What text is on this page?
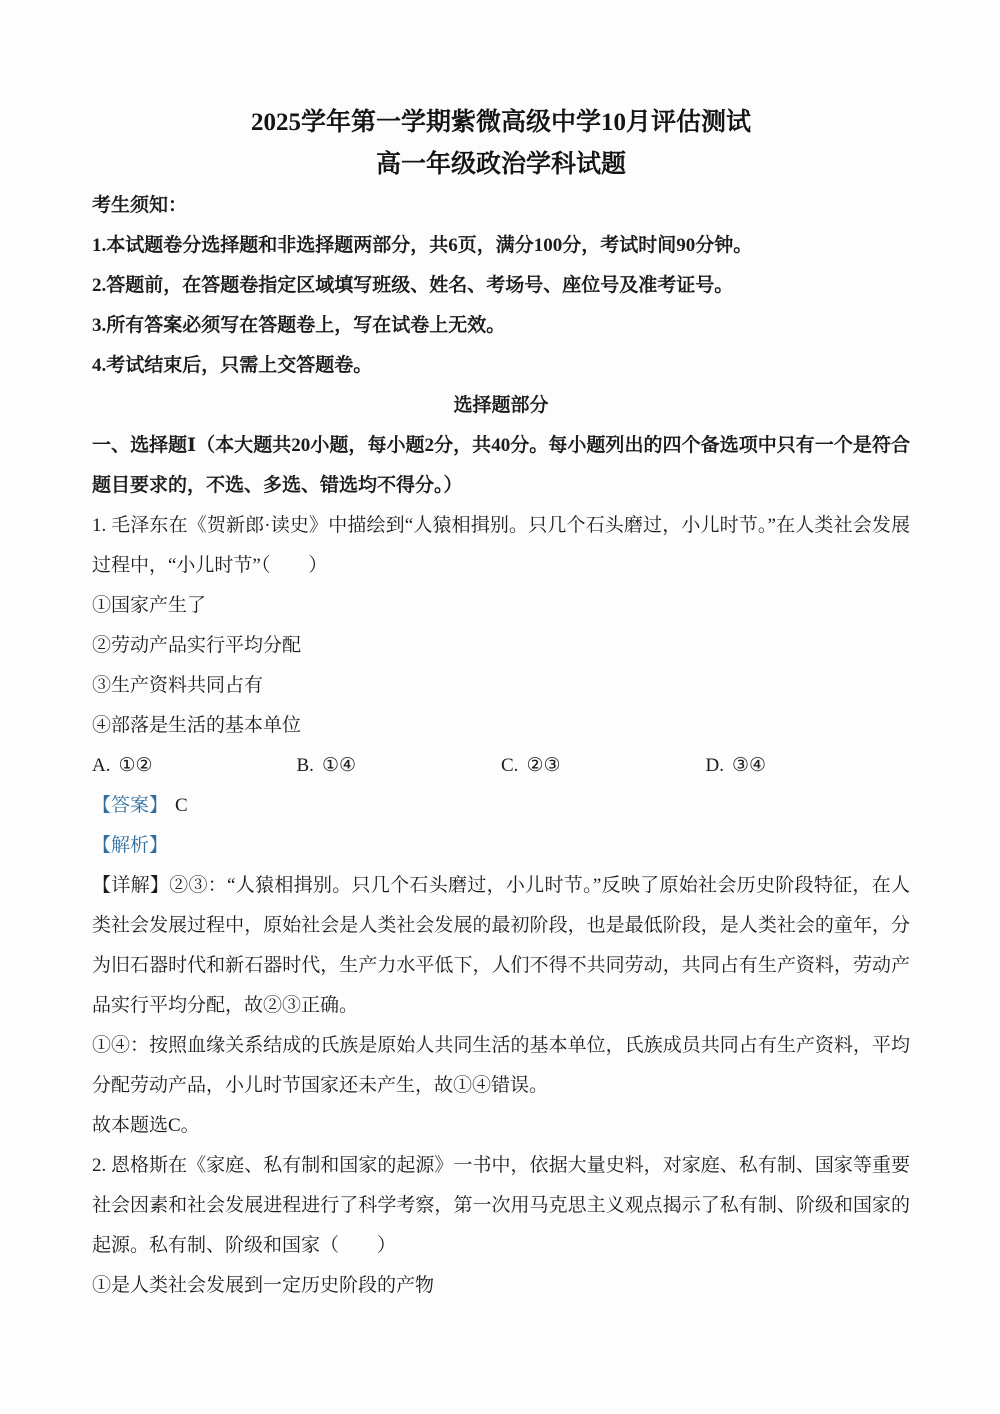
2025学年第一学期紫微高级中学10月评估测试
高一年级政治学科试题

考生须知：

1.本试题卷分选择题和非选择题两部分，共6页，满分100分，考试时间90分钟。

2.答题前，在答题卷指定区域填写班级、姓名、考场号、座位号及准考证号。

3.所有答案必须写在答题卷上，写在试卷上无效。

4.考试结束后，只需上交答题卷。

选择题部分

一、选择题Ⅰ（本大题共20小题，每小题2分，共40分。每小题列出的四个备选项中只有一个是符合题目要求的，不选、多选、错选均不得分。）

1. 毛泽东在《贺新郎·读史》中描绘到“人猿相揖别。只几个石头磨过，小儿时节。”在人类社会发展过程中，“小儿时节”（　　）

①国家产生了

②劳动产品实行平均分配

③生产资料共同占有

④部落是生活的基本单位

A. ①②	B. ①④	C. ②③	D. ③④

【答案】 C

【解析】

【详解】②③：“人猿相揖别。只几个石头磨过，小儿时节。”反映了原始社会历史阶段特征，在人类社会发展过程中，原始社会是人类社会发展的最初阶段，也是最低阶段，是人类社会的童年，分为旧石器时代和新石器时代，生产力水平低下，人们不得不共同劳动，共同占有生产资料，劳动产品实行平均分配，故②③正确。

①④：按照血缘关系结成的氏族是原始人共同生活的基本单位，氏族成员共同占有生产资料，平均分配劳动产品，小儿时节国家还未产生，故①④错误。

故本题选C。

2. 恩格斯在《家庭、私有制和国家的起源》一书中，依据大量史料，对家庭、私有制、国家等重要社会因素和社会发展进程进行了科学考察，第一次用马克思主义观点揭示了私有制、阶级和国家的起源。私有制、阶级和国家（　　）

①是人类社会发展到一定历史阶段的产物
